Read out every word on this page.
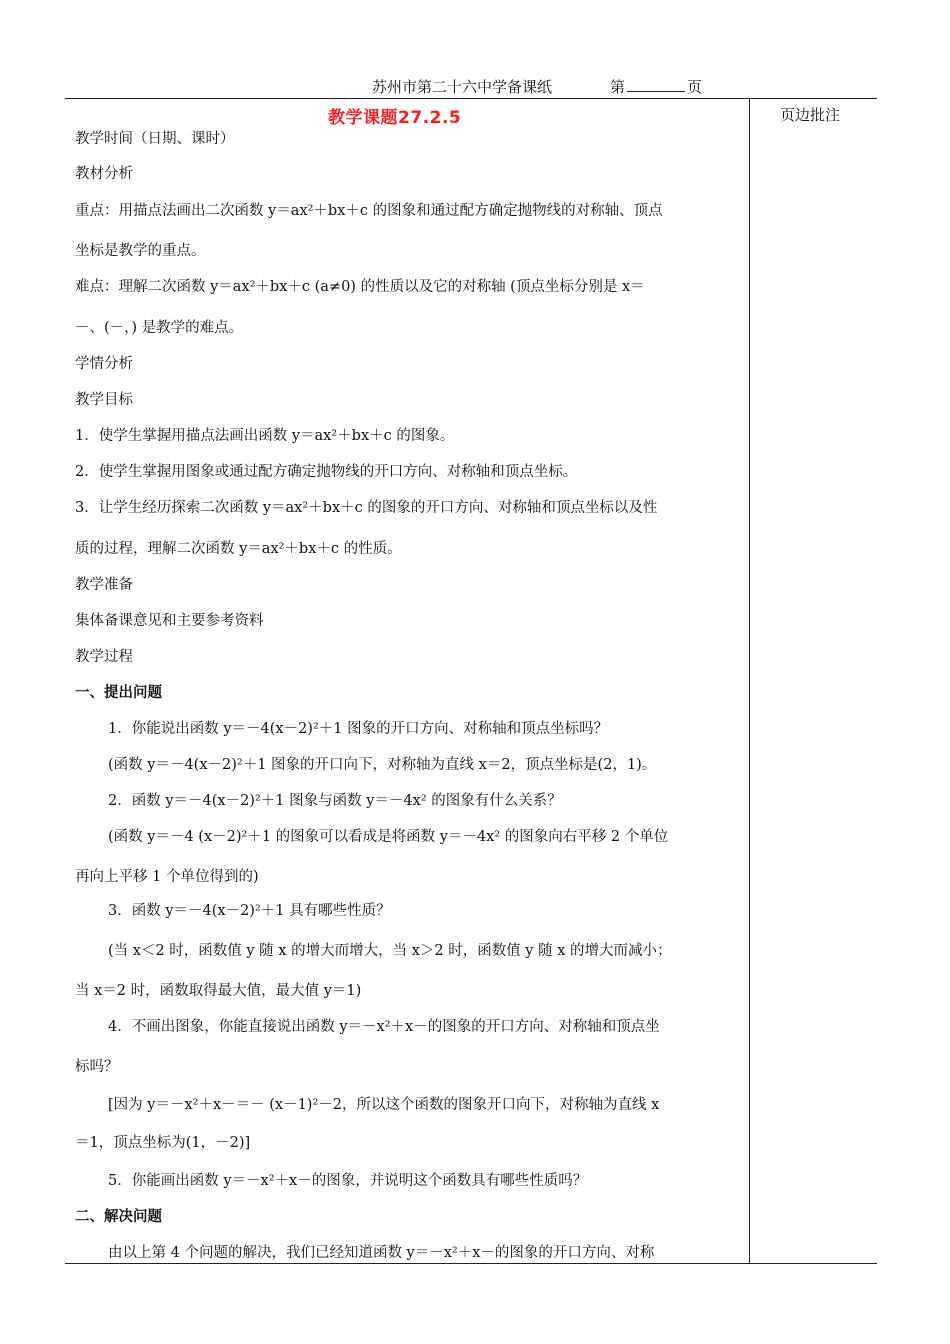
苏州市第二十六中学备课纸	第	页
教学课题27.2.5	页边批注
教学时间（日期、课时）
教材分析
重点：用描点法画出二次函数 y＝ax²＋bx＋c 的图象和通过配方确定抛物线的对称轴、顶点
坐标是教学的重点。
难点：理解二次函数 y＝ax²＋bx＋c (a≠0) 的性质以及它的对称轴 (顶点坐标分别是 x＝
－、(－，) 是教学的难点。
学情分析
教学目标
1．使学生掌握用描点法画出函数 y＝ax²＋bx＋c 的图象。
2．使学生掌握用图象或通过配方确定抛物线的开口方向、对称轴和顶点坐标。
3．让学生经历探索二次函数 y＝ax²＋bx＋c 的图象的开口方向、对称轴和顶点坐标以及性
质的过程，理解二次函数 y＝ax²＋bx＋c 的性质。
教学准备
集体备课意见和主要参考资料
教学过程
一、提出问题
1．你能说出函数 y＝－4(x－2)²＋1 图象的开口方向、对称轴和顶点坐标吗？
(函数 y＝－4(x－2)²＋1 图象的开口向下，对称轴为直线 x＝2，顶点坐标是(2，1)。
2．函数 y＝－4(x－2)²＋1 图象与函数 y＝－4x² 的图象有什么关系？
(函数 y＝－4 (x－2)²＋1 的图象可以看成是将函数 y＝－4x² 的图象向右平移 2 个单位
再向上平移 1 个单位得到的)
3．函数 y＝－4(x－2)²＋1 具有哪些性质？
(当 x＜2 时，函数值 y 随 x 的增大而增大，当 x＞2 时，函数值 y 随 x 的增大而减小；
当 x＝2 时，函数取得最大值，最大值 y＝1)
4．不画出图象，你能直接说出函数 y＝－x²＋x－的图象的开口方向、对称轴和顶点坐
标吗？
[因为 y＝－x²＋x－＝－ (x－1)²－2，所以这个函数的图象开口向下，对称轴为直线 x
＝1，顶点坐标为(1，－2)]
5．你能画出函数 y＝－x²＋x－的图象，并说明这个函数具有哪些性质吗？
二、解决问题
由以上第 4 个问题的解决，我们已经知道函数 y＝－x²＋x－的图象的开口方向、对称
